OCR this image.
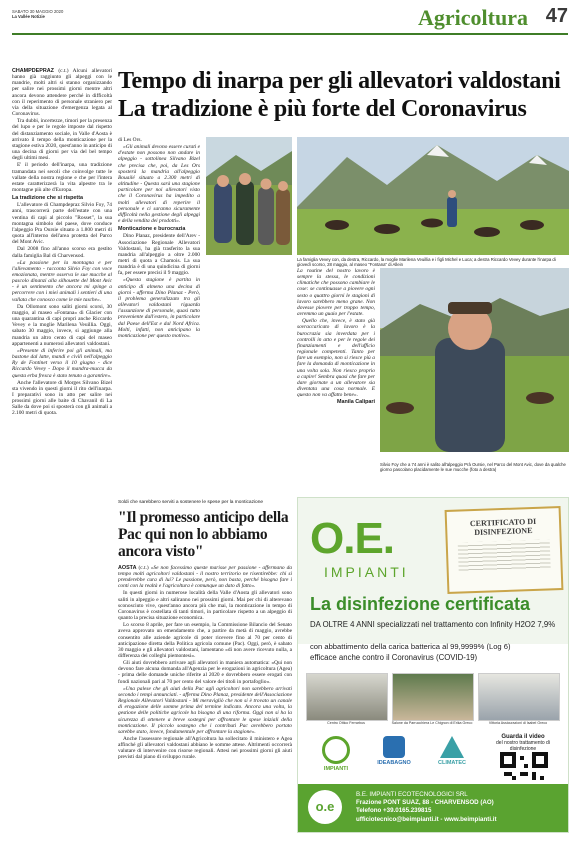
SABATO 30 MAGGIO 2020
La Vallée Notizie	Agricoltura 47
Tempo di inarpa per gli allevatori valdostani
La tradizione è più forte del Coronavirus

CHAMPDEPRAZ (c.t.) Alcuni allevatori hanno già raggiunto gli alpeggi con le mandrie, molti altri si stanno organizzando per salire nei prossimi giorni mentre altri ancora devono attendere perché in difficoltà con il reperimento di personale straniero per via della situazione d'emergenza legata al Coronavirus.

Tra dubbi, incertezze, timori per la presenza del lupo e per le regole imposte dal rispetto del distanziamento sociale, in Valle d'Aosta è arrivato il tempo della monticazione per la stagione estiva 2020, quest'anno in anticipo di una decina di giorni per via del bel tempo degli ultimi mesi.

E' il periodo dell'inarpa, una tradizione tramandata nei secoli che coinvolge tutte le vallate della nostra regione e che per l'intera estate caratterizzerà la vita alpestre tra le montagne più alte d'Europa.

La tradizione che si rispetta

L'allevatore di Champdepraz Silvio Foy, 74 anni, trascorrerà parte dell'estate con una ventina di capi al piccolo "Rosset", la sua montagna simbolo del paese, dove conduce l'alpeggio Pra Oursie situato a 1.800 metri di quota all'interno dell'area protetta del Parco del Mont Avic.

Dal 2008 fino all'anno scorso era gestito dalla famiglia Bal di Charvensod.

«La passione per la montagna e per l'allevamento - racconta Silvio Foy con voce emozionata, mentre osserva le sue mucche al pascolo dinanzi alla silhouette del Mont Avic - è un sentimento che ancora mi spinge a percorrere con i miei animali i sentieri di una vallata che conosco come le mie tasche».

Da Ollomont sono saliti giorni scorsi, 30 maggio, al maseo «Fontana» di Glacier con una quarantina di capi propri anche Riccardo Vevey e la moglie Marilena Veuillia. Oggi, sabato 30 maggio, invece, si aggiunge alla mandria un altro cento di capi del maseo appartenenti a numerosi allevatori valdostani.

«Presente di inferire poi gli animali, ma bastone dal latte, mandi e civili nell'alpeggio Ry de Fontinet verso il 10 giugno - dice Riccardo Vevey - Dopo il mandra-mucca da questa erba fresca è stato tenuto a garantire».

Anche l'allevatore di Morges Silvano Bizel sta vivendo in questi giorni il rito dell'inarpa. I preparativi sono in atto per salire nei prossimi giorni alle baite di Chavanil di La Salle da dove poi si sposterà con gli animali a 2.100 metri di quota.

di Les Ors.

«Gli animali devono essere curati e d'estate non possono non andare in alpeggio - sottolinea Silvano Bizel che precisa che, poi, da Les Ors sposterà la mandria all'alpeggio Bouailé situato a 2.300 metri di altitudine - Questa sarà una stagione particolare per noi allevatori visto che il Coronavirus ha impedito a molti allevatori di reperire il personale e ci saranno sicuramente difficoltà nella gestione degli alpeggi e della vendita dei prodotti».

Monticazione e burocrazia

Dino Planaz, presidente dell'Arev - Associazione Regionale Allevatori Valdostani, ha già trasferito la sua mandria all'alpeggio a oltre 2.000 metri di quota a Chamois. La sua mandria è di una quindicina di giorni fa, per essere precisi il 9 maggio.

«Questa stagione è partita in anticipo di almeno una decina di giorni - afferma Dino Planaz - Però, il problema generalizzato tra gli allevatori valdostani riguarda l'assunzione di personale, quasi tutto proveniente dall'estero, in particolare dal Paese dell'Est e dal Nord Africa. Molti, infatti, non anticipano la monticazione per questo motivo».

La famiglia Vevey con, da destra, Riccardo, la moglie Marilena Veuillia e i figli Michel e Luca; a destra Riccardo Vevey durante l'inarpa di giovedì scorso, 28 maggio, al maseo "Fontana" di Allein

La routine del nostro lavoro è sempre la stessa, le condizioni climatiche che possono cambiare le cose: se continuasse a piovere ogni sesto o quattro giorni le stagioni di lavoro sarebbero meno grane. Non dovesse piovere per troppo tempo, avremmo un guaio per l'estate.

Quello che, invece, è stato già sovraccaricato di lavoro è la burocrazia sia inverdata per i controlli in atto e per le regole dei finanziamenti e dell'ufficio regionale competenti. Tanto per fare un esempio, non si riesce più a fare la domanda di monticazione in una volta sola. Non riesco proprio a capire! Sembra quasi che fare per dare giornate a un allevatore sia diventata una cosa normale. E questo non va affatto bene».

Manila Calipari

Silvio Foy che a 74 anni è salito all'alpeggio Prà Oursie, nel Parco del Mont Avic, dove da qualche giorno pascolano placidamente le sue mucche (foto a destra)
Soldi che sarebbero serviti a sostenere le spese per la monticazione
"Il promesso anticipo della Pac qui non lo abbiamo ancora visto"

AOSTA (c.t.) «Se non facessimo queste marisse per passione - affermano da tempo molti agricoltori valdostani - il nostro territorio ne risentirebbe: chi si prenderebbe cura di lui? Le passione, però, non basta, perché bisogna fare i conti con la realtà e l'agricoltura è comunque un dato di fatto».

In questi giorni in numerose località della Valle d'Aosta gli allevatori sono saliti in alpeggio e altri saliranno nei prossimi giorni. Mai per chi di alterevano sconosciuto vive, quest'anno ancora più che mai, la monticazione in tempo di Coronavirus è costellata di tanti timori, in particolare rispetto a un alpeggio di quanto la precisa situazione economica.

Lo scorso 8 aprile, per fare un esempio, la Commissione Bilancio del Senato aveva approvato un emendamento che, a partire da metà di maggio, avrebbe consentito alle aziende agricole di poter ricevere fino al 70 per cento di anticipazione diretta della Politica agricola comune (Pac). Oggi, però, è sabato 30 maggio e gli allevatori valdostani, lamentano «di non avere ricevuto nulla, a differenza dei colleghi piemontesi».

Gli aiuti dovrebbero arrivare agli allevatori in maniera automatica: «Qui non devono fare alcuna domanda all'Agenzia per le erogazioni in agricoltura (Agea) - prima delle domande uniche riferite al 2020 e dovrebbero essere erogati con fondi nazionali pari al 70 per cento del valore dei titoli in portafoglio».

«Una palese che gli aiuti della Pac agli agricoltori non sarebbero arrivati secondo i tempi annunciati. - afferma Dino Planaz, presidente dell'Associazione Regionale Allevatori Valdostani - Mi meravigliò che non si è trovato un canale di erogazione delle somme prima del termine indicato. Ancora una volta, la gestione delle politiche agricole ha bisogno di una riforma. Oggi non si ha la sicurezza di ottenere a breve sostegni per affrontare le spese iniziali della monticazione. Il piccolo sostegno che i contributi Pac avrebbero portato sarebbe stato, invece, fondamentale per affrontare la stagione».

Anche l'assessore regionale all'Agricoltura ha sollecitato il ministero e Agea affinché gli allevatori valdostani abbiano le somme attese. Altrimenti occorrerà valutare di intervenire con risorse regionali. Attesi nei prossimi giorni gli aiuti previsti dal piano di sviluppo rurale.

O.E.
IMPIANTI
CERTIFICATO DI DISINFEZIONE
La disinfezione certificata
DA OLTRE 4 ANNI specializzati nel trattamento con Infinity H2O2 7,9%
con abbattimento della carica batterica al 99,9999% (Log 6)
efficace anche contro il Coronavirus (COVID-19)
Centro Ottico Ferrarbus	Salone da Parrucchiera Le Chignon di Erika Greco	Vittoria Assicurazioni di Isabel Greco
IMPIANTI
IDEABAGNO	CLIMATEC
Guarda il video
del nostro trattamento di disinfezione
o.e
B.E. IMPIANTI ECOTECNOLOGICI SRL
Frazione PONT SUAZ, 88 - CHARVENSOD (AO)
Telefono +39.0165.239815
ufficiotecnico@beimpianti.it - www.beimpianti.it
